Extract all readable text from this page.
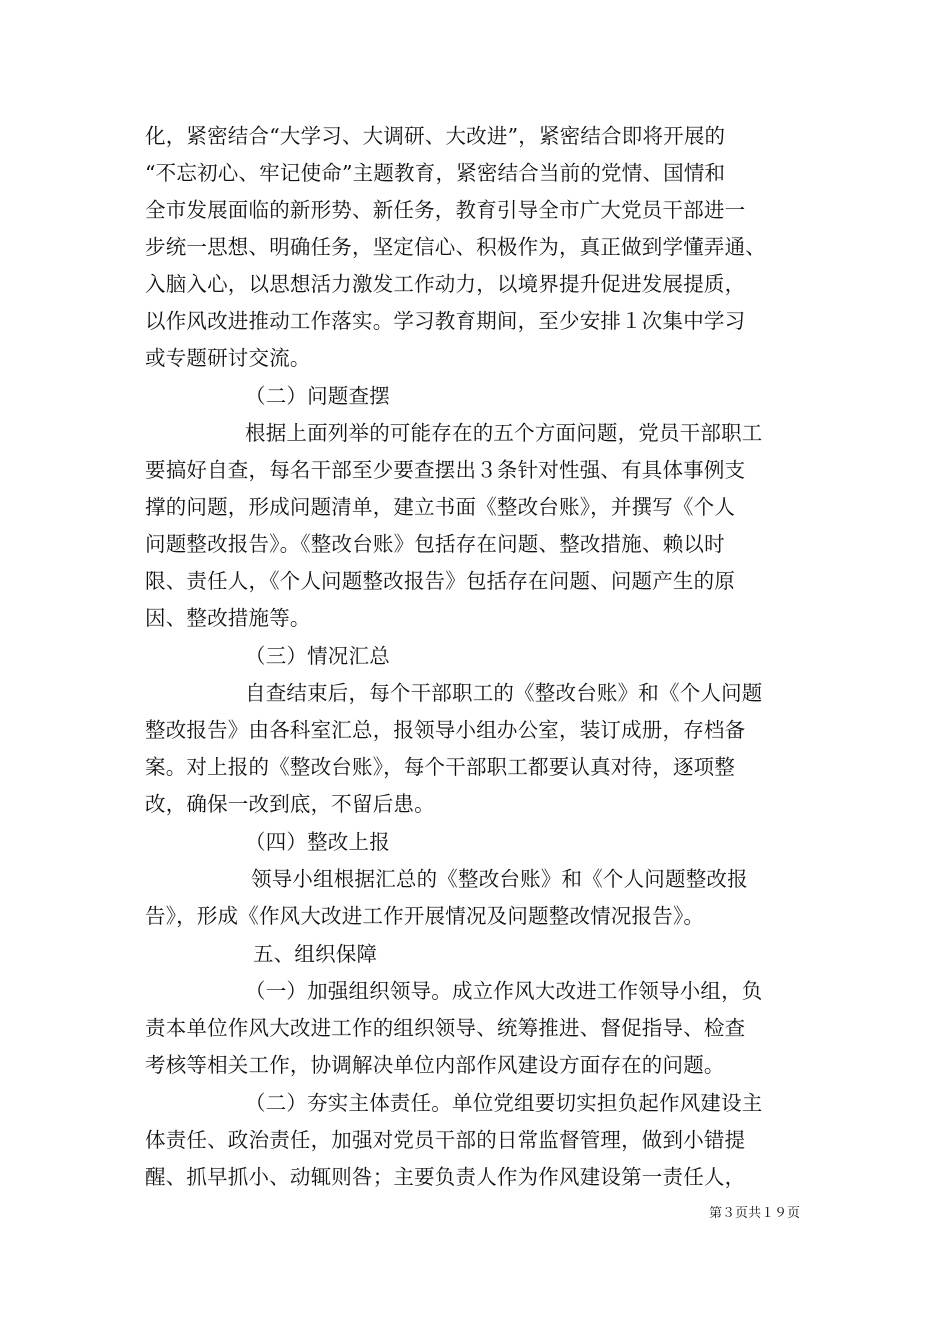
化，紧密结合“大学习、大调研、大改进”，紧密结合即将开展的
“不忘初心、牢记使命”主题教育，紧密结合当前的党情、国情和
全市发展面临的新形势、新任务，教育引导全市广大党员干部进一
步统一思想、明确任务，坚定信心、积极作为，真正做到学懂弄通、
入脑入心，以思想活力激发工作动力，以境界提升促进发展提质，
以作风改进推动工作落实。学习教育期间，至少安排１次集中学习
或专题研讨交流。
（二）问题查摆
根据上面列举的可能存在的五个方面问题，党员干部职工
要搞好自查，每名干部至少要查摆出３条针对性强、有具体事例支
撑的问题，形成问题清单，建立书面《整改台账》，并撰写《个人
问题整改报告》。《整改台账》包括存在问题、整改措施、赖以时
限、责任人，《个人问题整改报告》包括存在问题、问题产生的原
因、整改措施等。
（三）情况汇总
自查结束后，每个干部职工的《整改台账》和《个人问题
整改报告》由各科室汇总，报领导小组办公室，装订成册，存档备
案。对上报的《整改台账》，每个干部职工都要认真对待，逐项整
改，确保一改到底，不留后患。
（四）整改上报
领导小组根据汇总的《整改台账》和《个人问题整改报
告》，形成《作风大改进工作开展情况及问题整改情况报告》。
五、组织保障
（一）加强组织领导。成立作风大改进工作领导小组，负
责本单位作风大改进工作的组织领导、统筹推进、督促指导、检查
考核等相关工作，协调解决单位内部作风建设方面存在的问题。
（二）夯实主体责任。单位党组要切实担负起作风建设主
体责任、政治责任，加强对党员干部的日常监督管理，做到小错提
醒、抓早抓小、动辄则咎；主要负责人作为作风建设第一责任人，
第３页共１９页
